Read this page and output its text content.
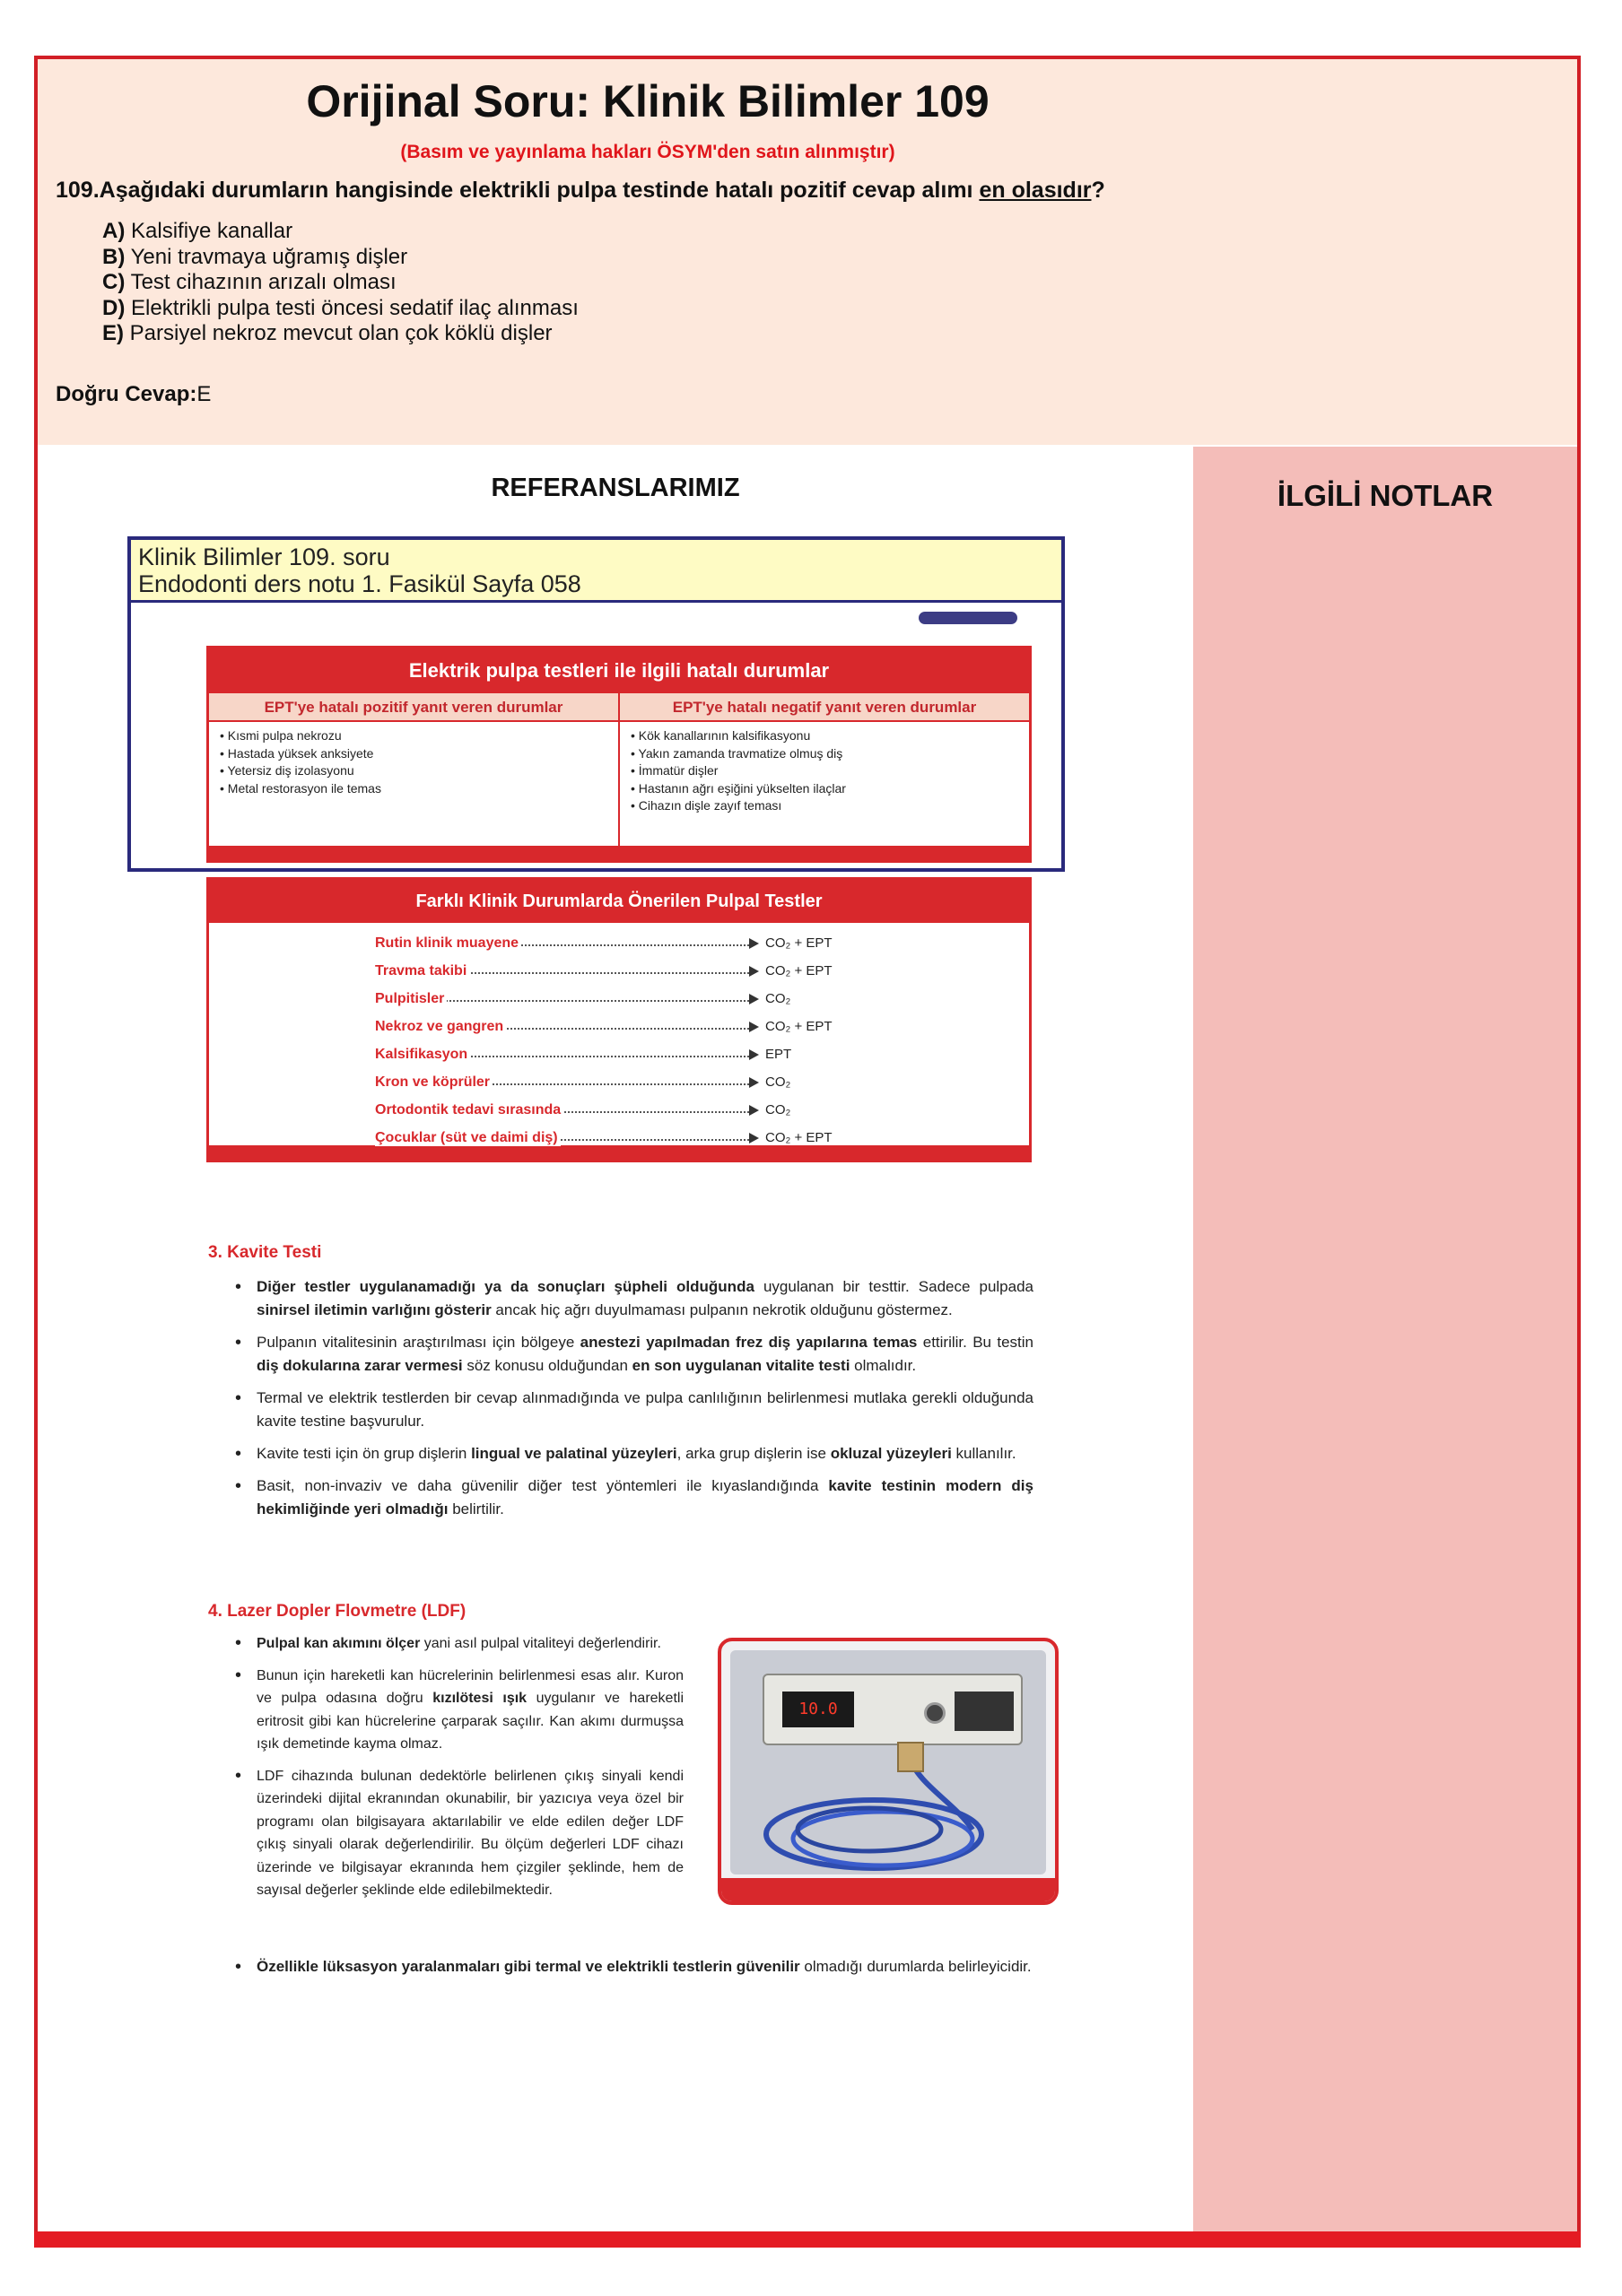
Orijinal Soru: Klinik Bilimler 109
(Basım ve yayınlama hakları ÖSYM'den satın alınmıştır)
109.Aşağıdaki durumların hangisinde elektrikli pulpa testinde hatalı pozitif cevap alımı en olasıdır?
A) Kalsifiye kanallar
B) Yeni travmaya uğramış dişler
C) Test cihazının arızalı olması
D) Elektrikli pulpa testi öncesi sedatif ilaç alınması
E) Parsiyel nekroz mevcut olan çok köklü dişler
Doğru Cevap:E
REFERANSLARIMIZ	İLGİLİ NOTLAR
Klinik Bilimler 109. soru
Endodonti ders notu 1. Fasikül Sayfa 058
Elektrik pulpa testleri ile ilgili hatalı durumlar
EPT'ye hatalı pozitif yanıt veren durumlar
• Kısmi pulpa nekrozu
• Hastada yüksek anksiyete
• Yetersiz diş izolasyonu
• Metal restorasyon ile temas
EPT'ye hatalı negatif yanıt veren durumlar
• Kök kanallarının kalsifikasyonu
• Yakın zamanda travmatize olmuş diş
• İmmatür dişler
• Hastanın ağrı eşiğini yükselten ilaçlar
• Cihazın dişle zayıf teması
Farklı Klinik Durumlarda Önerilen Pulpal Testler
Rutin klinik muayene	CO₂ + EPT
Travma takibi	CO₂ + EPT
Pulpitisler	CO₂
Nekroz ve gangren	CO₂ + EPT
Kalsifikasyon	EPT
Kron ve köprüler	CO₂
Ortodontik tedavi sırasında	CO₂
Çocuklar (süt ve daimi diş)	CO₂ + EPT
3. Kavite Testi
• Diğer testler uygulanamadığı ya da sonuçları şüpheli olduğunda uygulanan bir testtir. Sadece pulpada sinirsel iletimin varlığını gösterir ancak hiç ağrı duyulmaması pulpanın nekrotik olduğunu göstermez.
• Pulpanın vitalitesinin araştırılması için bölgeye anestezi yapılmadan frez diş yapılarına temas ettirilir. Bu testin diş dokularına zarar vermesi söz konusu olduğundan en son uygulanan vitalite testi olmalıdır.
• Termal ve elektrik testlerden bir cevap alınmadığında ve pulpa canlılığının belirlenmesi mutlaka gerekli olduğunda kavite testine başvurulur.
• Kavite testi için ön grup dişlerin lingual ve palatinal yüzeyleri, arka grup dişlerin ise okluzal yüzeyleri kullanılır.
• Basit, non-invaziv ve daha güvenilir diğer test yöntemleri ile kıyaslandığında kavite testinin modern diş hekimliğinde yeri olmadığı belirtilir.
4. Lazer Dopler Flovmetre (LDF)
• Pulpal kan akımını ölçer yani asıl pulpal vitaliteyi değerlendirir.
• Bunun için hareketli kan hücrelerinin belirlenmesi esas alır. Kuron ve pulpa odasına doğru kızılötesi ışık uygulanır ve hareketli eritrosit gibi kan hücrelerine çarparak saçılır. Kan akımı durmuşsa ışık demetinde kayma olmaz.
• LDF cihazında bulunan dedektörle belirlenen çıkış sinyali kendi üzerindeki dijital ekranından okunabilir, bir yazıcıya veya özel bir programı olan bilgisayara aktarılabilir ve elde edilen değer LDF çıkış sinyali olarak değerlendirilir. Bu ölçüm değerleri LDF cihazı üzerinde ve bilgisayar ekranında hem çizgiler şeklinde, hem de sayısal değerler şeklinde elde edilebilmektedir.
• Özellikle lüksasyon yaralanmaları gibi termal ve elektrikli testlerin güvenilir olmadığı durumlarda belirleyicidir.
10.0
